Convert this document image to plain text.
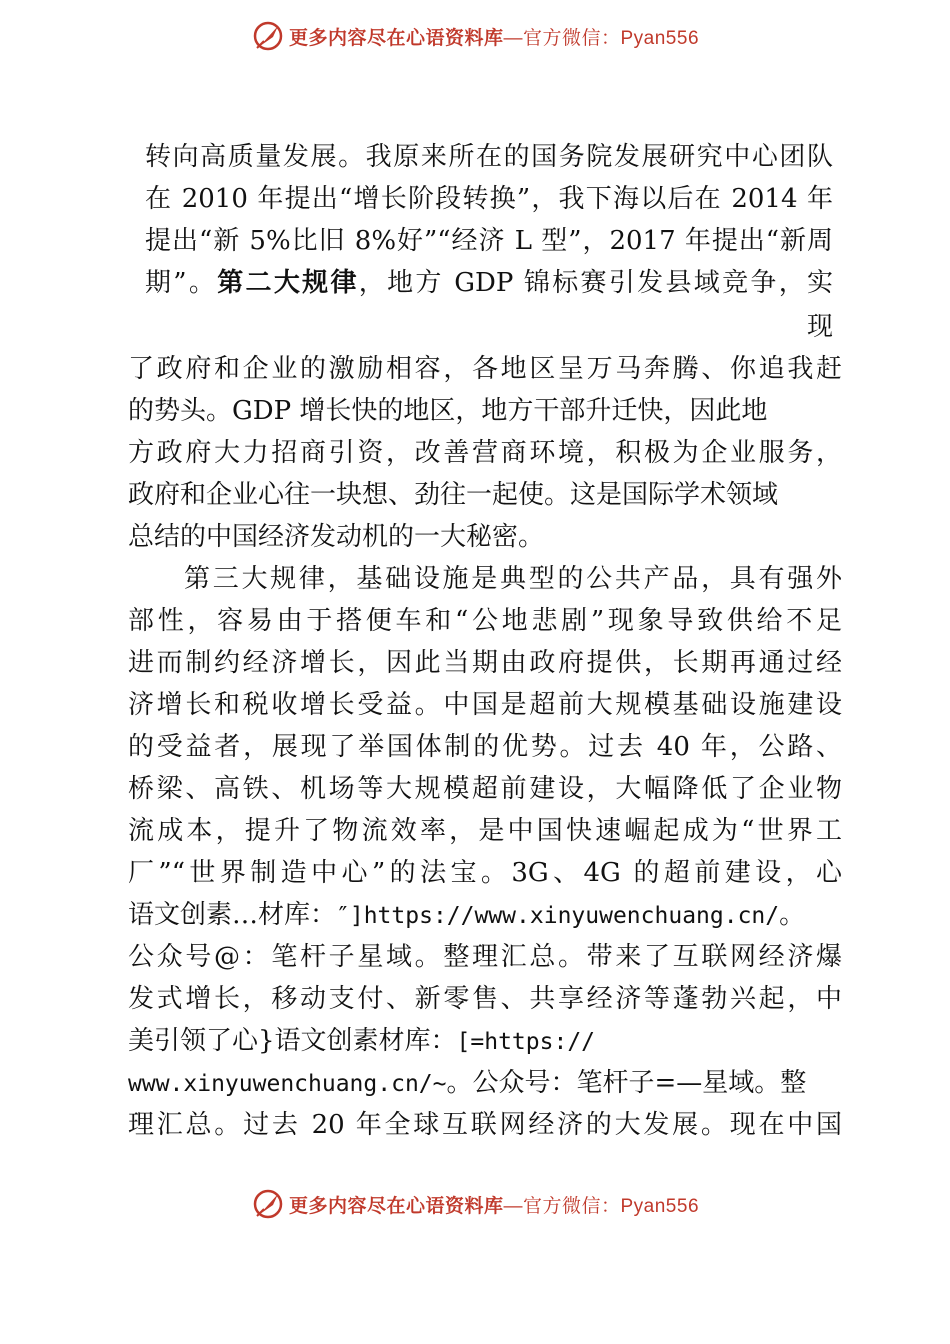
更多内容尽在心语资料库—官方微信：Pyan556
转向高质量发展。我原来所在的国务院发展研究中心团队
在 2010 年提出“增长阶段转换”，我下海以后在 2014 年
提出“新 5%比旧 8%好”“经济 L 型”，2017 年提出“新周
期”。第二大规律，地方 GDP 锦标赛引发县域竞争，实
现
了政府和企业的激励相容，各地区呈万马奔腾、你追我赶
的势头。GDP 增长快的地区，地方干部升迁快，因此地
方政府大力招商引资，改善营商环境，积极为企业服务，
政府和企业心往一块想、劲往一起使。这是国际学术领域
总结的中国经济发动机的一大秘密。
第三大规律，基础设施是典型的公共产品，具有强外
部性，容易由于搭便车和“公地悲剧”现象导致供给不足
进而制约经济增长，因此当期由政府提供，长期再通过经
济增长和税收增长受益。中国是超前大规模基础设施建设
的受益者，展现了举国体制的优势。过去 40 年，公路、
桥梁、高铁、机场等大规模超前建设，大幅降低了企业物
流成本，提升了物流效率，是中国快速崛起成为“世界工
厂”“世界制造中心”的法宝。3G、4G 的超前建设，心
语文创素…材库：″]https://www.xinyuwenchuang.cn/。
公众号@：笔杆子星域。整理汇总。带来了互联网经济爆
发式增长，移动支付、新零售、共享经济等蓬勃兴起，中
美引领了心}语文创素材库：[=https://
www.xinyuwenchuang.cn/~。公众号：笔杆子=—星域。整
理汇总。过去 20 年全球互联网经济的大发展。现在中国
更多内容尽在心语资料库—官方微信：Pyan556
